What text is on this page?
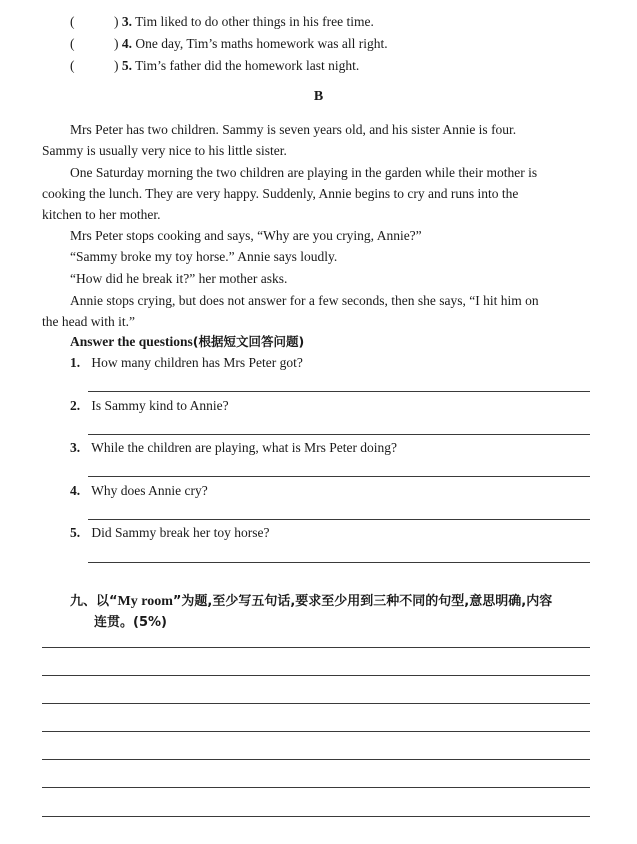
(	) 3. Tim liked to do other things in his free time.
(	) 4. One day, Tim’s maths homework was all right.
(	) 5. Tim’s father did the homework last night.
B
Mrs Peter has two children. Sammy is seven years old, and his sister Annie is four.
Sammy is usually very nice to his little sister.
One Saturday morning the two children are playing in the garden while their mother is
cooking the lunch. They are very happy. Suddenly, Annie begins to cry and runs into the
kitchen to her mother.
Mrs Peter stops cooking and says, “Why are you crying, Annie?”
“Sammy broke my toy horse.” Annie says loudly.
“How did he break it?” her mother asks.
Annie stops crying, but does not answer for a few seconds, then she says, “I hit him on
the head with it.”
Answer the questions(根据短文回答问题)
1. How many children has Mrs Peter got?
2. Is Sammy kind to Annie?
3. While the children are playing, what is Mrs Peter doing?
4. Why does Annie cry?
5. Did Sammy break her toy horse?
九、以“My room”为题,至少写五句话,要求至少用到三种不同的句型,意思明确,内容
连贯。(5%)
